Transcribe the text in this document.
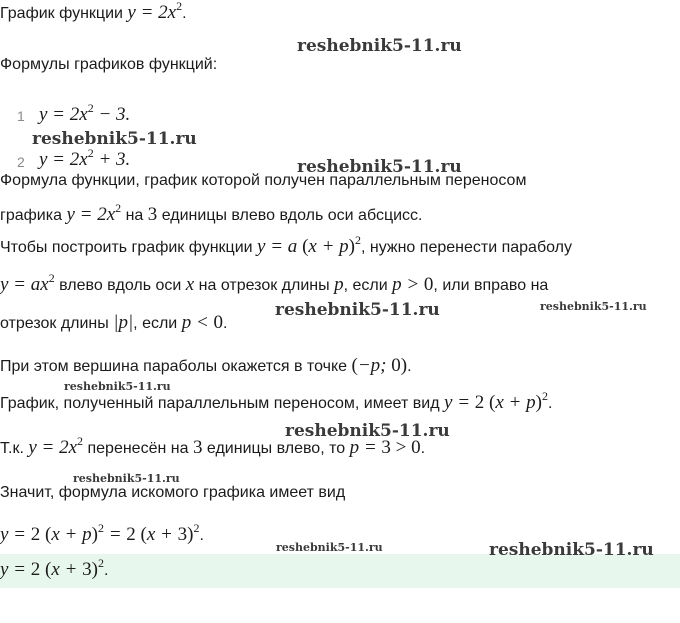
График функции $y = 2x^2$.
Формулы графиков функций:
1 $y = 2x^2 - 3$.
2 $y = 2x^2 + 3$.
Формула функции, график которой получен параллельным переносом
графика $y = 2x^2$ на 3 единицы влево вдоль оси абсцисс.
Чтобы построить график функции y = a $(x + p)^2$, нужно перенести параболу
$y = ax^2$ влево вдоль оси x на отрезок длины p, если p > 0, или вправо на
отрезок длины |p|, если p < 0.
При этом вершина параболы окажется в точке (−p; 0).
График, полученный параллельным переносом, имеет вид y = 2 $(x + p)^2$.
Т.к. $y = 2x^2$ перенесён на 3 единицы влево, то p = 3 > 0.
Значит, формула искомого графика имеет вид
y = 2 $(x + p)^2 = 2$ $(x + 3)^2$.
y = 2 $(x + 3)^2$.
reshebnik5-11.ru
reshebnik5-11.ru
reshebnik5-11.ru
reshebnik5-11.ru	reshebnik5-11.ru
reshebnik5-11.ru
reshebnik5-11.ru
reshebnik5-11.ru
reshebnik5-11.ru	reshebnik5-11.ru
